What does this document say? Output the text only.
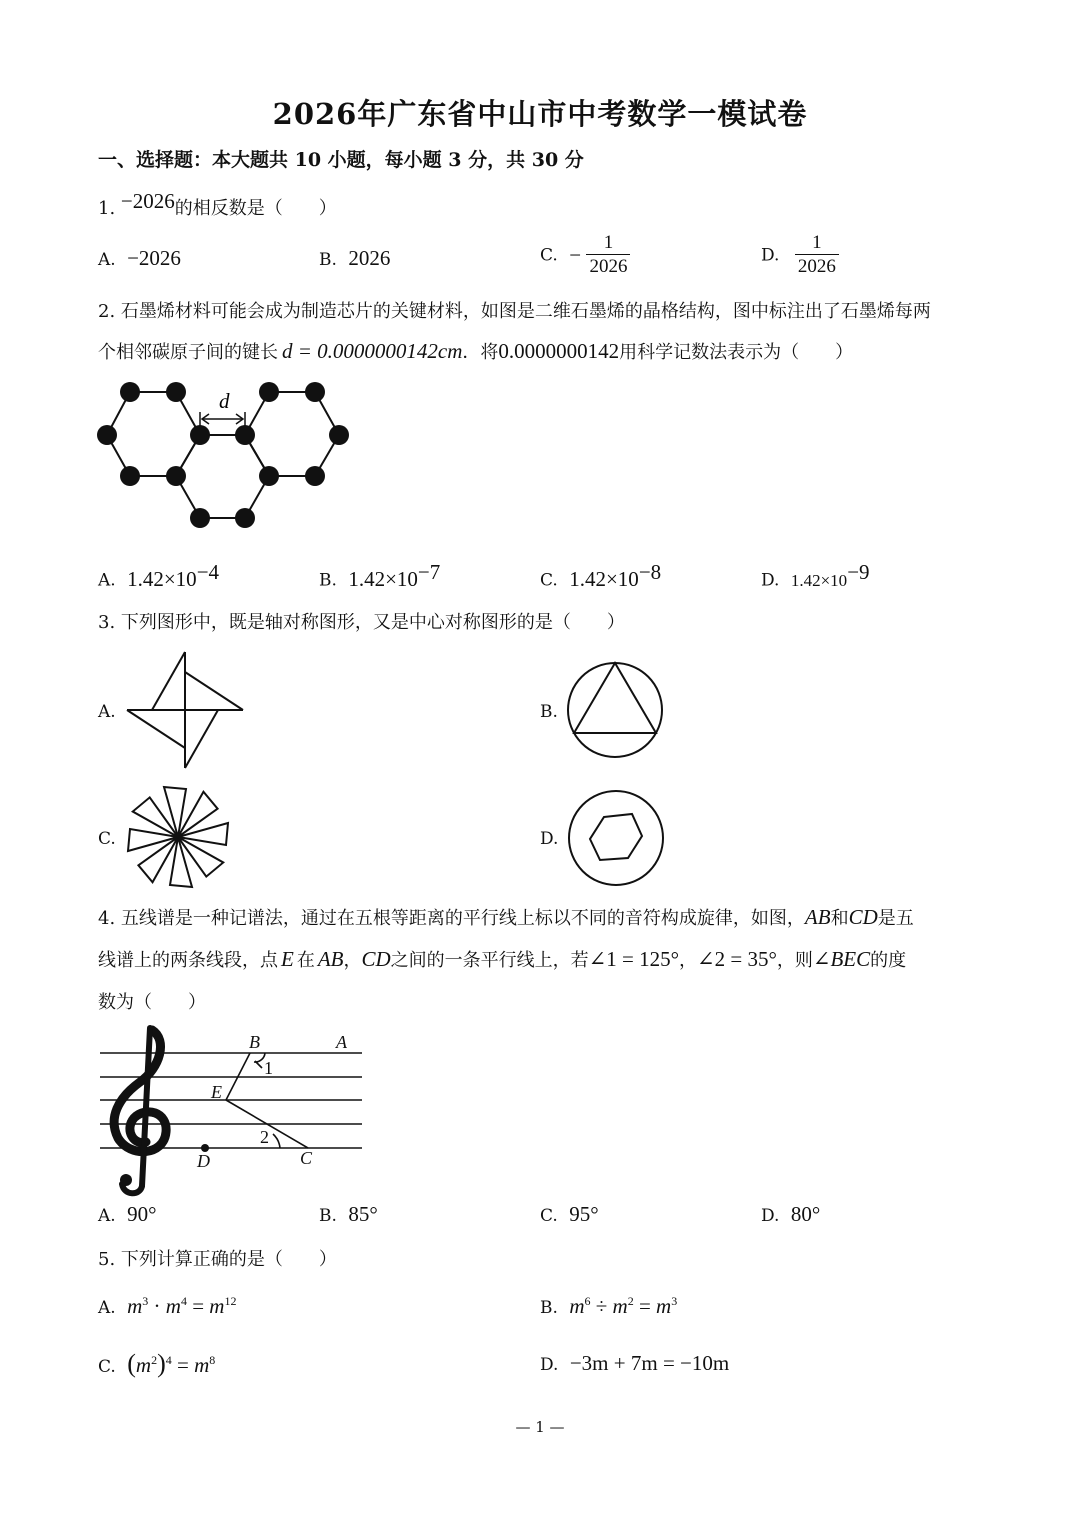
2026年广东省中山市中考数学一模试卷
一、选择题：本大题共 10 小题，每小题 3 分，共 30 分
1. −2026的相反数是（　　）
A. −2026	B. 2026	C. − $\frac{1}{2026}$	D. $\frac{1}{2026}$
2. 石墨烯材料可能会成为制造芯片的关键材料，如图是二维石墨烯的晶格结构，图中标注出了石墨烯每两
个相邻碳原子间的键长 d = 0.0000000142cm．将0.0000000142用科学记数法表示为（　　）
d
A. $1.42\times 10^{-4}$	B. $1.42\times 10^{-7}$	C. $1.42\times 10^{-8}$	D. $1.42\times 10^{-9}$
3. 下列图形中，既是轴对称图形，又是中心对称图形的是（　　）
A.	B.
C.	D.
4. 五线谱是一种记谱法，通过在五根等距离的平行线上标以不同的音符构成旋律，如图，AB和CD是五
线谱上的两条线段，点 E 在 AB，CD之间的一条平行线上，若∠1 = 125°，∠2 = 35°，则∠BEC的度
数为（　　）
B	A
E
D	C
1
2
A. 90°	B. 85°	C. 95°	D. 80°
5. 下列计算正确的是（　　）
A. $m^3 \cdot m^4 = m^{12}$	B. $m^6 \div m^2 = m^3$
C. $(m^2)^4 = m^8$	D. −3m + 7m = −10m
— 1 —
